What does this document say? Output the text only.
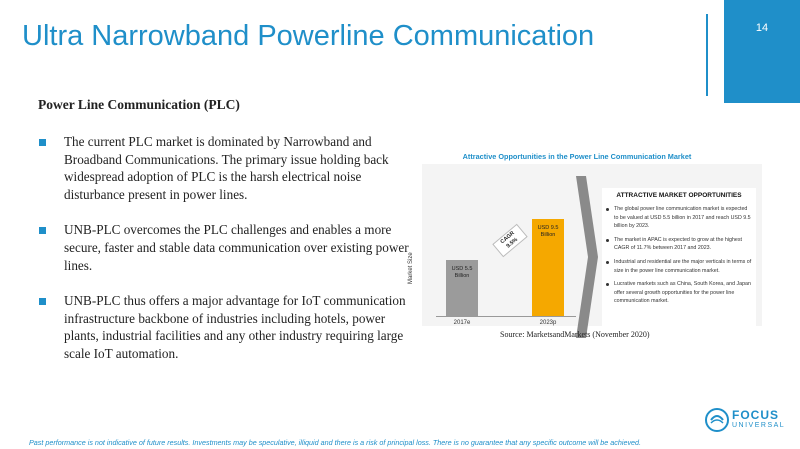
Ultra Narrowband Powerline Communication	14
Power Line Communication (PLC)
The current PLC market is dominated by Narrowband and Broadband Communications. The primary issue holding back widespread adoption of PLC is the harsh electrical noise disturbance present in power lines.
UNB-PLC overcomes the PLC challenges and enables a more secure, faster and stable data communication over existing power lines.
UNB-PLC thus offers a major advantage for IoT communication infrastructure backbone of industries including hotels, power plants, industrial facilities and any other industry requiring large scale IoT automation.
Attractive Opportunities in the Power Line Communication Market
Market Size	USD 5.5 Billion
USD 9.5 Billion
2017e	2023p
CAGR 9.5%
ATTRACTIVE MARKET OPPORTUNITIES
The global power line communication market is expected to be valued at USD 5.5 billion in 2017 and reach USD 9.5 billion by 2023.
The market in APAC is expected to grow at the highest CAGR of 11.7% between 2017 and 2023.
Industrial and residential are the major verticals in terms of size in the power line communication market.
Lucrative markets such as China, South Korea, and Japan offer several growth opportunities for the power line communication market.
Source: MarketsandMarkets (November 2020)
FOCUS
UNIVERSAL
Past performance is not indicative of future results. Investments may be speculative, illiquid and there is a risk of principal loss. There is no guarantee that any specific outcome will be achieved.
